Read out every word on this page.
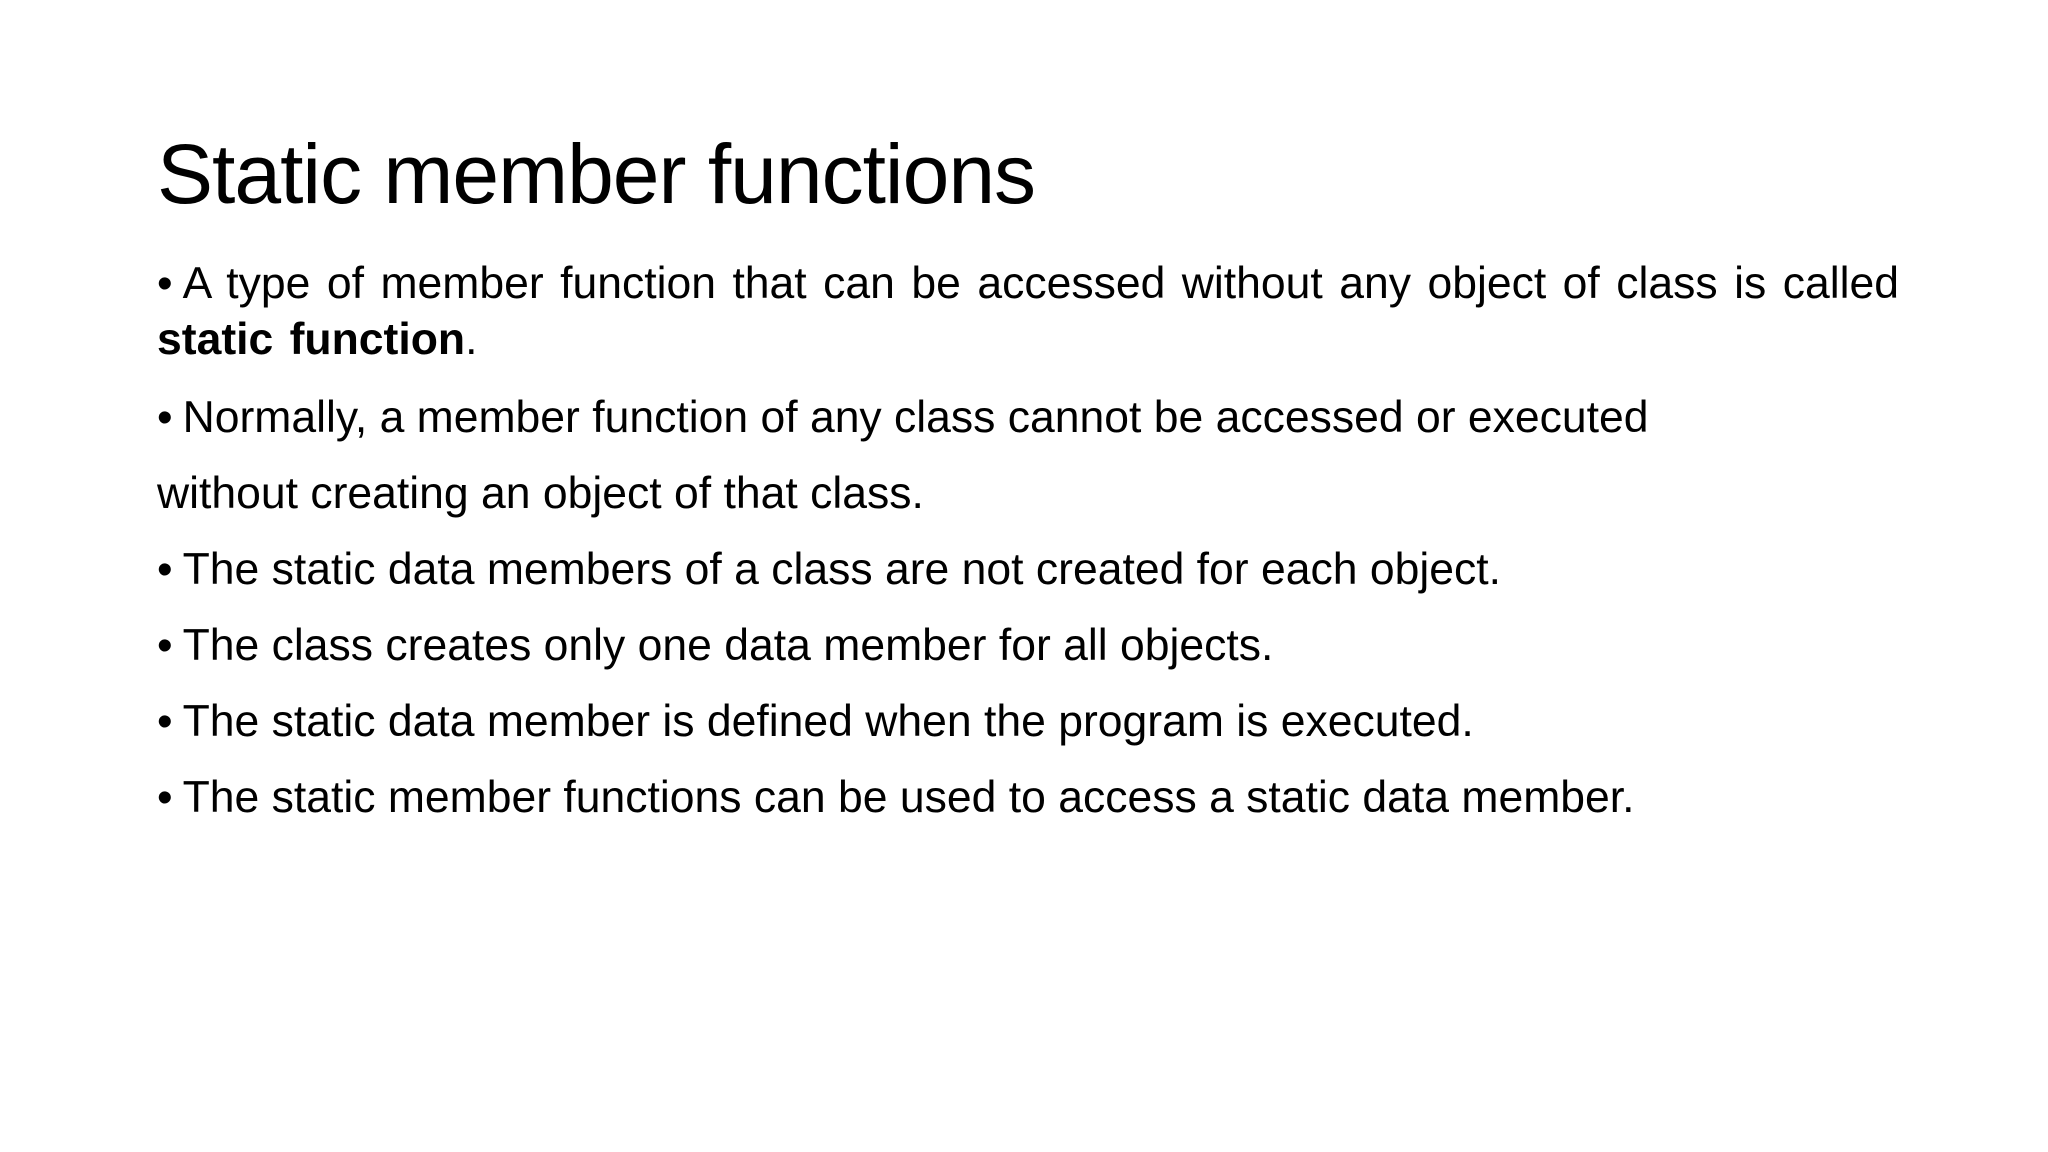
Static member functions

• A type of member function that can be accessed without any object of class is called static function.

• Normally, a member function of any class cannot be accessed or executed

without creating an object of that class.

• The static data members of a class are not created for each object.

• The class creates only one data member for all objects.

• The static data member is defined when the program is executed.

• The static member functions can be used to access a static data member.
